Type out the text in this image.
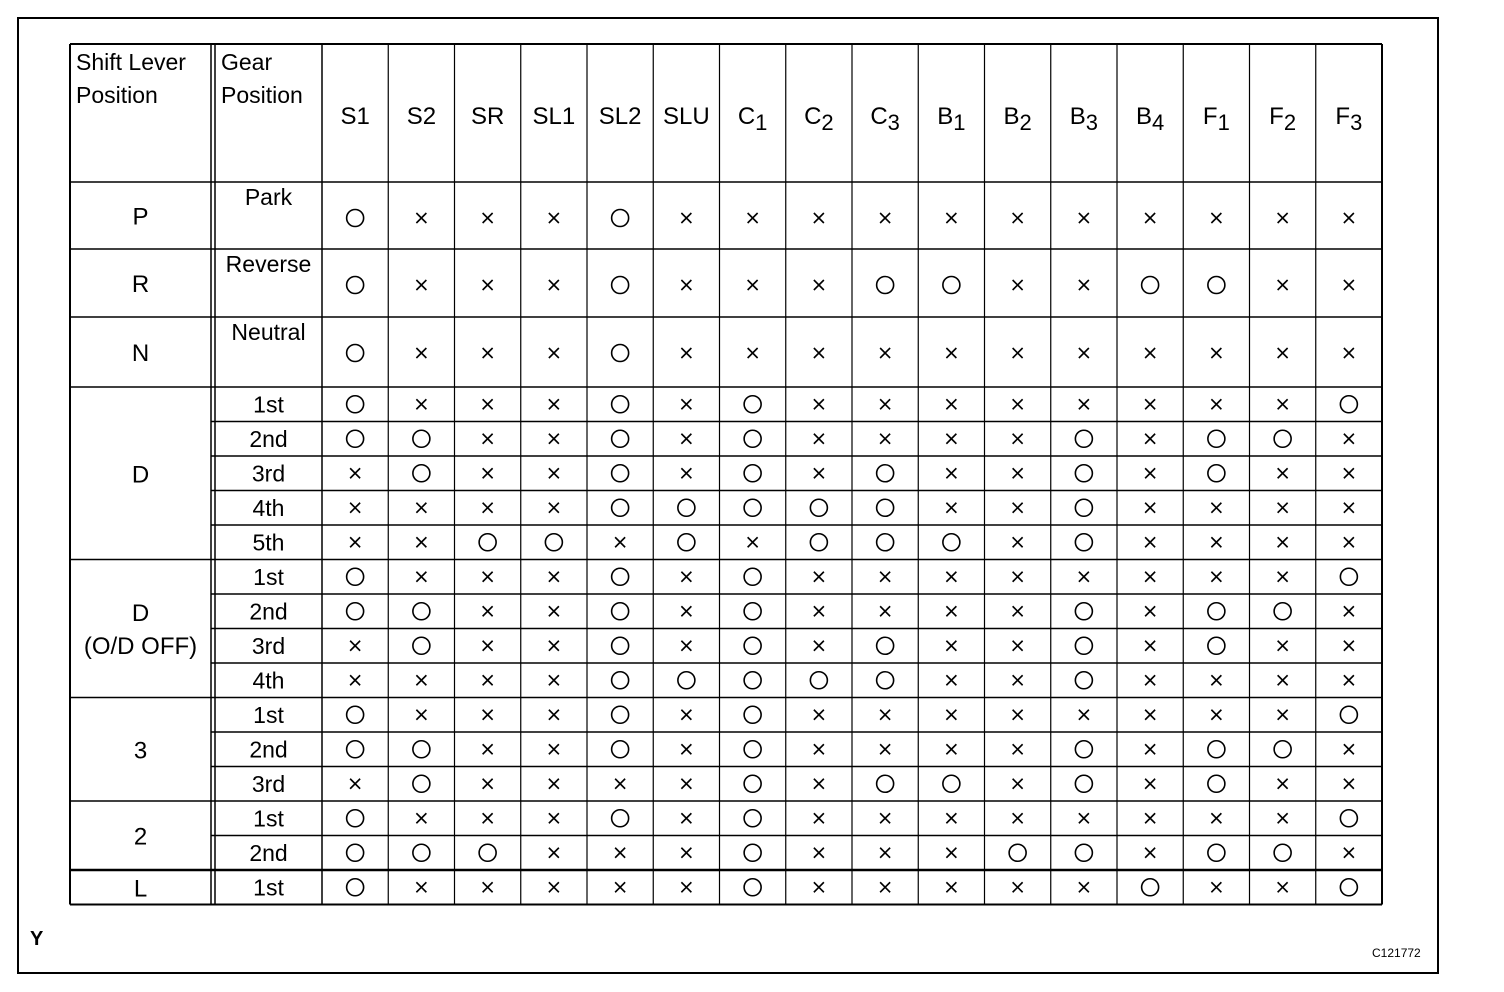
Shift Lever
Position
Gear
Position
S1 S2 SR SL1 SL2 SLU C1 C2 C3 B1 B2 B3 B4 F1 F2 F3
P
R
N
D
D
(O/D OFF)
3
2
L
Park
Reverse
Neutral
1st
2nd
3rd
4th
5th
1st
2nd
3rd
4th
1st
2nd
3rd
1st
2nd
1st
Y
C121772
